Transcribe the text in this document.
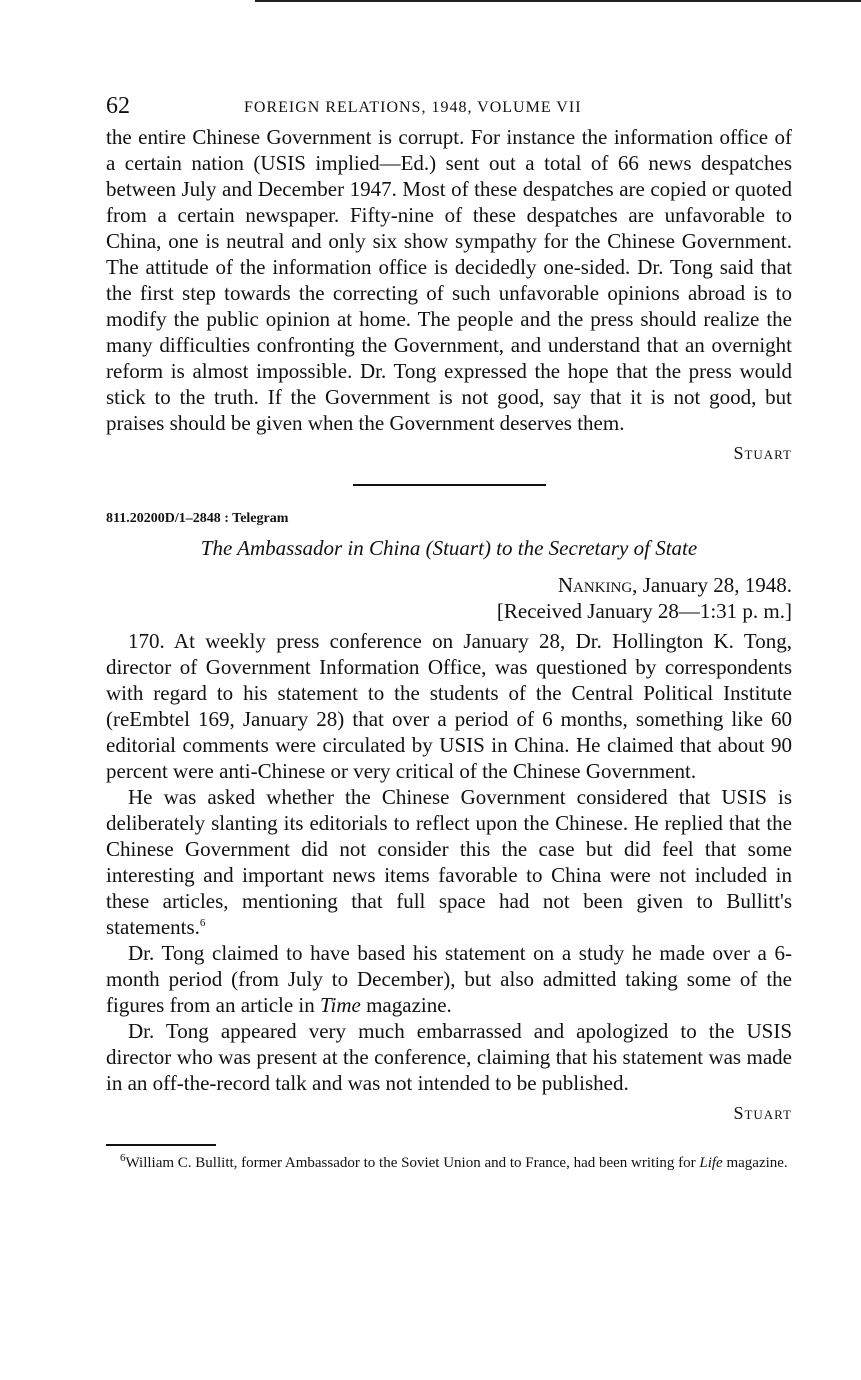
62	FOREIGN RELATIONS, 1948, VOLUME VII

the entire Chinese Government is corrupt. For instance the information office of a certain nation (USIS implied—Ed.) sent out a total of 66 news despatches between July and December 1947. Most of these despatches are copied or quoted from a certain newspaper. Fifty-nine of these despatches are unfavorable to China, one is neutral and only six show sympathy for the Chinese Government. The attitude of the information office is decidedly one-sided. Dr. Tong said that the first step towards the correcting of such unfavorable opinions abroad is to modify the public opinion at home. The people and the press should realize the many difficulties confronting the Government, and understand that an overnight reform is almost impossible. Dr. Tong expressed the hope that the press would stick to the truth. If the Government is not good, say that it is not good, but praises should be given when the Government deserves them.

Stuart

811.20200D/1–2848 : Telegram

The Ambassador in China (Stuart) to the Secretary of State

Nanking, January 28, 1948.

[Received January 28—1:31 p. m.]

170. At weekly press conference on January 28, Dr. Hollington K. Tong, director of Government Information Office, was questioned by correspondents with regard to his statement to the students of the Central Political Institute (reEmbtel 169, January 28) that over a period of 6 months, something like 60 editorial comments were circulated by USIS in China. He claimed that about 90 percent were anti-Chinese or very critical of the Chinese Government.

He was asked whether the Chinese Government considered that USIS is deliberately slanting its editorials to reflect upon the Chinese. He replied that the Chinese Government did not consider this the case but did feel that some interesting and important news items favorable to China were not included in these articles, mentioning that full space had not been given to Bullitt's statements.$^6$

Dr. Tong claimed to have based his statement on a study he made over a 6-month period (from July to December), but also admitted taking some of the figures from an article in Time magazine.

Dr. Tong appeared very much embarrassed and apologized to the USIS director who was present at the conference, claiming that his statement was made in an off-the-record talk and was not intended to be published.

Stuart

$^6$William C. Bullitt, former Ambassador to the Soviet Union and to France, had been writing for Life magazine.
